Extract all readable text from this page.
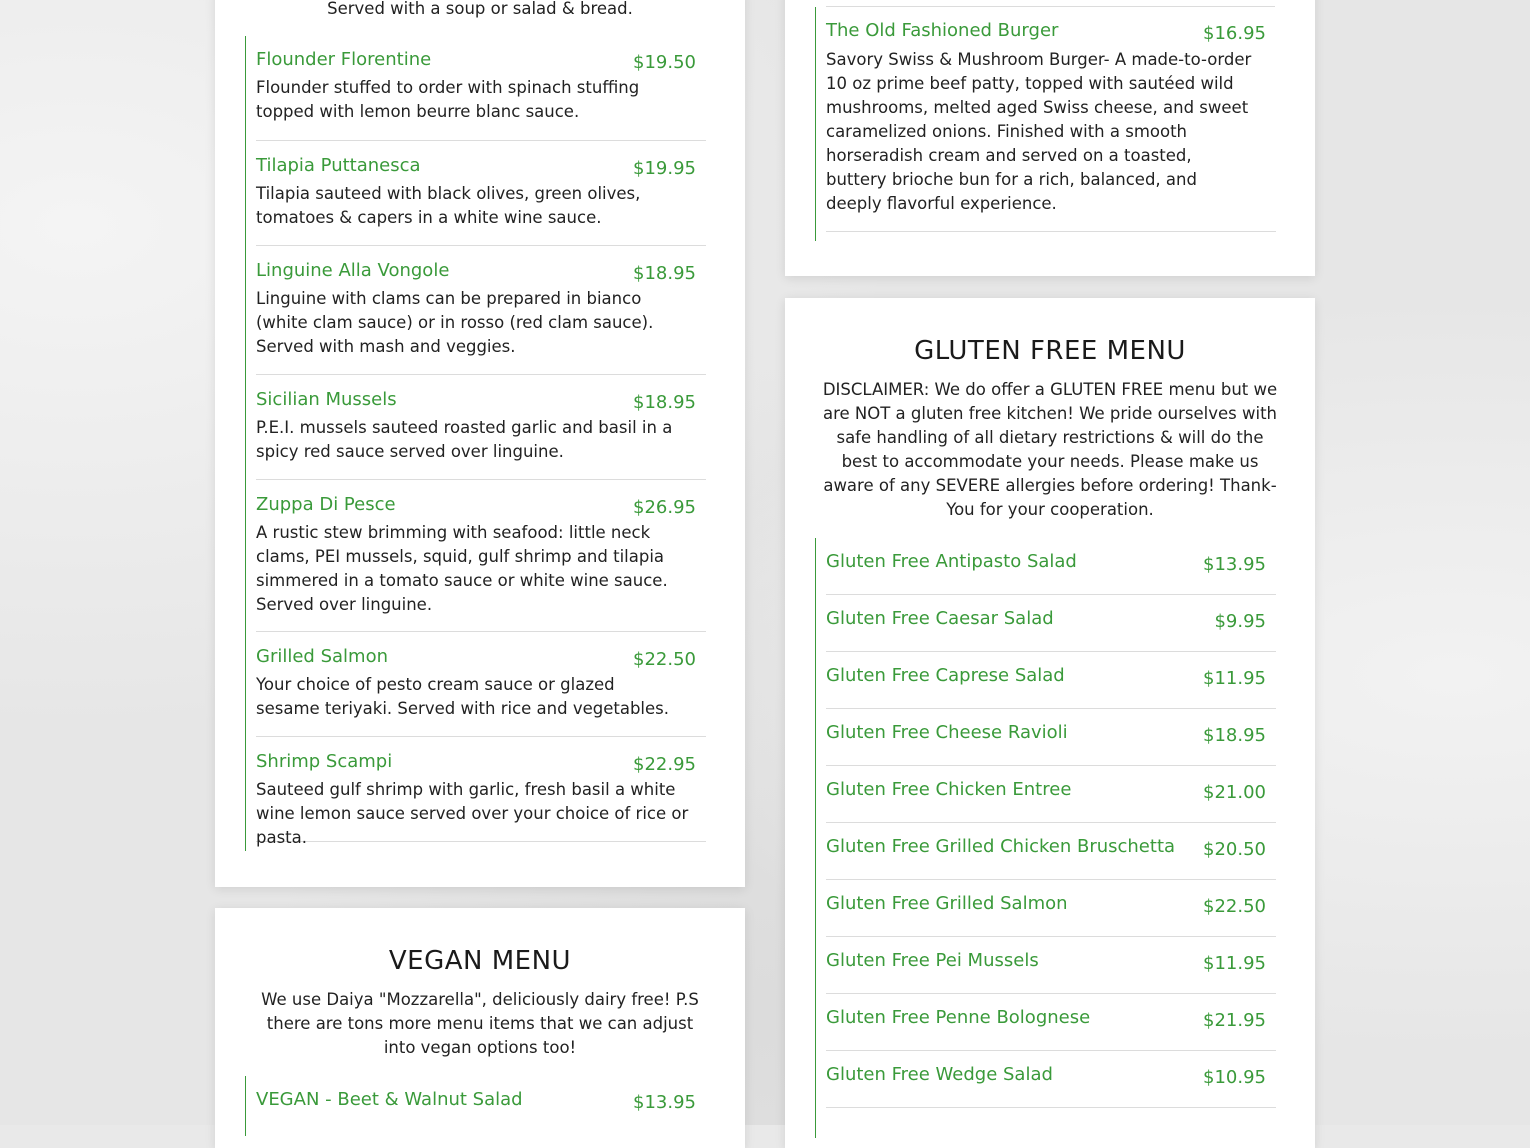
Served with a soup or salad & bread.
Flounder Florentine	$19.50
Flounder stuffed to order with spinach stuffing topped with lemon beurre blanc sauce.
Tilapia Puttanesca	$19.95
Tilapia sauteed with black olives, green olives, tomatoes & capers in a white wine sauce.
Linguine Alla Vongole	$18.95
Linguine with clams can be prepared in bianco (white clam sauce) or in rosso (red clam sauce). Served with mash and veggies.
Sicilian Mussels	$18.95
P.E.I. mussels sauteed roasted garlic and basil in a spicy red sauce served over linguine.
Zuppa Di Pesce	$26.95
A rustic stew brimming with seafood: little neck clams, PEI mussels, squid, gulf shrimp and tilapia simmered in a tomato sauce or white wine sauce. Served over linguine.
Grilled Salmon	$22.50
Your choice of pesto cream sauce or glazed sesame teriyaki. Served with rice and vegetables.
Shrimp Scampi	$22.95
Sauteed gulf shrimp with garlic, fresh basil a white wine lemon sauce served over your choice of rice or pasta.
VEGAN MENU
We use Daiya "Mozzarella", deliciously dairy free! P.S there are tons more menu items that we can adjust into vegan options too!
VEGAN - Beet & Walnut Salad	$13.95
The Old Fashioned Burger	$16.95
Savory Swiss & Mushroom Burger- A made-to-order 10 oz prime beef patty, topped with sautéed wild mushrooms, melted aged Swiss cheese, and sweet caramelized onions. Finished with a smooth horseradish cream and served on a toasted, buttery brioche bun for a rich, balanced, and deeply flavorful experience.
GLUTEN FREE MENU
DISCLAIMER: We do offer a GLUTEN FREE menu but we are NOT a gluten free kitchen! We pride ourselves with safe handling of all dietary restrictions & will do the best to accommodate your needs. Please make us aware of any SEVERE allergies before ordering! Thank-You for your cooperation.
Gluten Free Antipasto Salad	$13.95
Gluten Free Caesar Salad	$9.95
Gluten Free Caprese Salad	$11.95
Gluten Free Cheese Ravioli	$18.95
Gluten Free Chicken Entree	$21.00
Gluten Free Grilled Chicken Bruschetta $20.50
Gluten Free Grilled Salmon	$22.50
Gluten Free Pei Mussels	$11.95
Gluten Free Penne Bolognese	$21.95
Gluten Free Wedge Salad	$10.95
